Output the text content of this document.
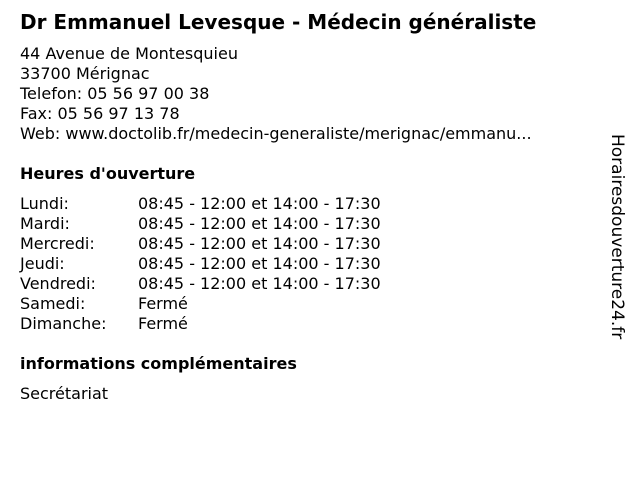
Dr Emmanuel Levesque - Médecin généraliste
44 Avenue de Montesquieu
33700 Mérignac
Telefon: 05 56 97 00 38
Fax: 05 56 97 13 78
Web: www.doctolib.fr/medecin-generaliste/merignac/emmanu...
Heures d'ouverture
Lundi:	08:45 - 12:00 et 14:00 - 17:30
Mardi:	08:45 - 12:00 et 14:00 - 17:30
Mercredi:	08:45 - 12:00 et 14:00 - 17:30
Jeudi:	08:45 - 12:00 et 14:00 - 17:30
Vendredi:	08:45 - 12:00 et 14:00 - 17:30
Samedi:	Fermé
Dimanche:	Fermé
informations complémentaires
Secrétariat
Horairesdouverture24.fr
